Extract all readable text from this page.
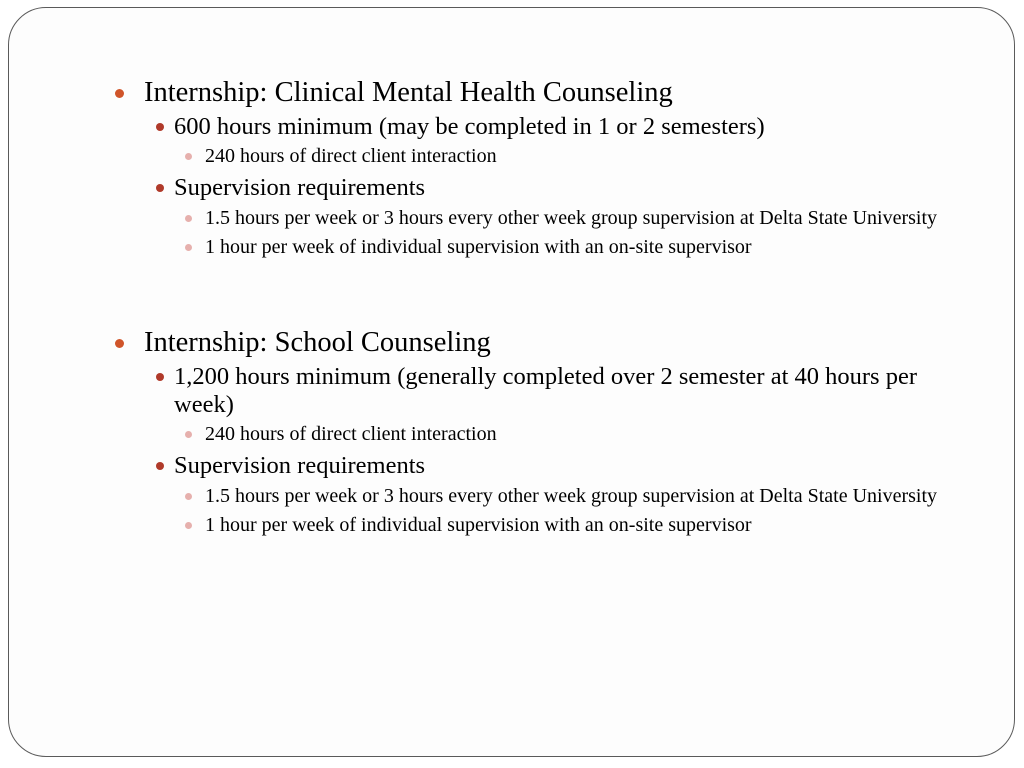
Internship: Clinical Mental Health Counseling
600 hours minimum (may be completed in 1 or 2 semesters)
240 hours of direct client interaction
Supervision requirements
1.5 hours per week or 3 hours every other week group supervision at Delta State University
1 hour per week of individual supervision with an on-site supervisor
Internship: School Counseling
1,200 hours minimum (generally completed over 2 semester at 40 hours per week)
240 hours of direct client interaction
Supervision requirements
1.5 hours per week or 3 hours every other week group supervision at Delta State University
1 hour per week of individual supervision with an on-site supervisor
